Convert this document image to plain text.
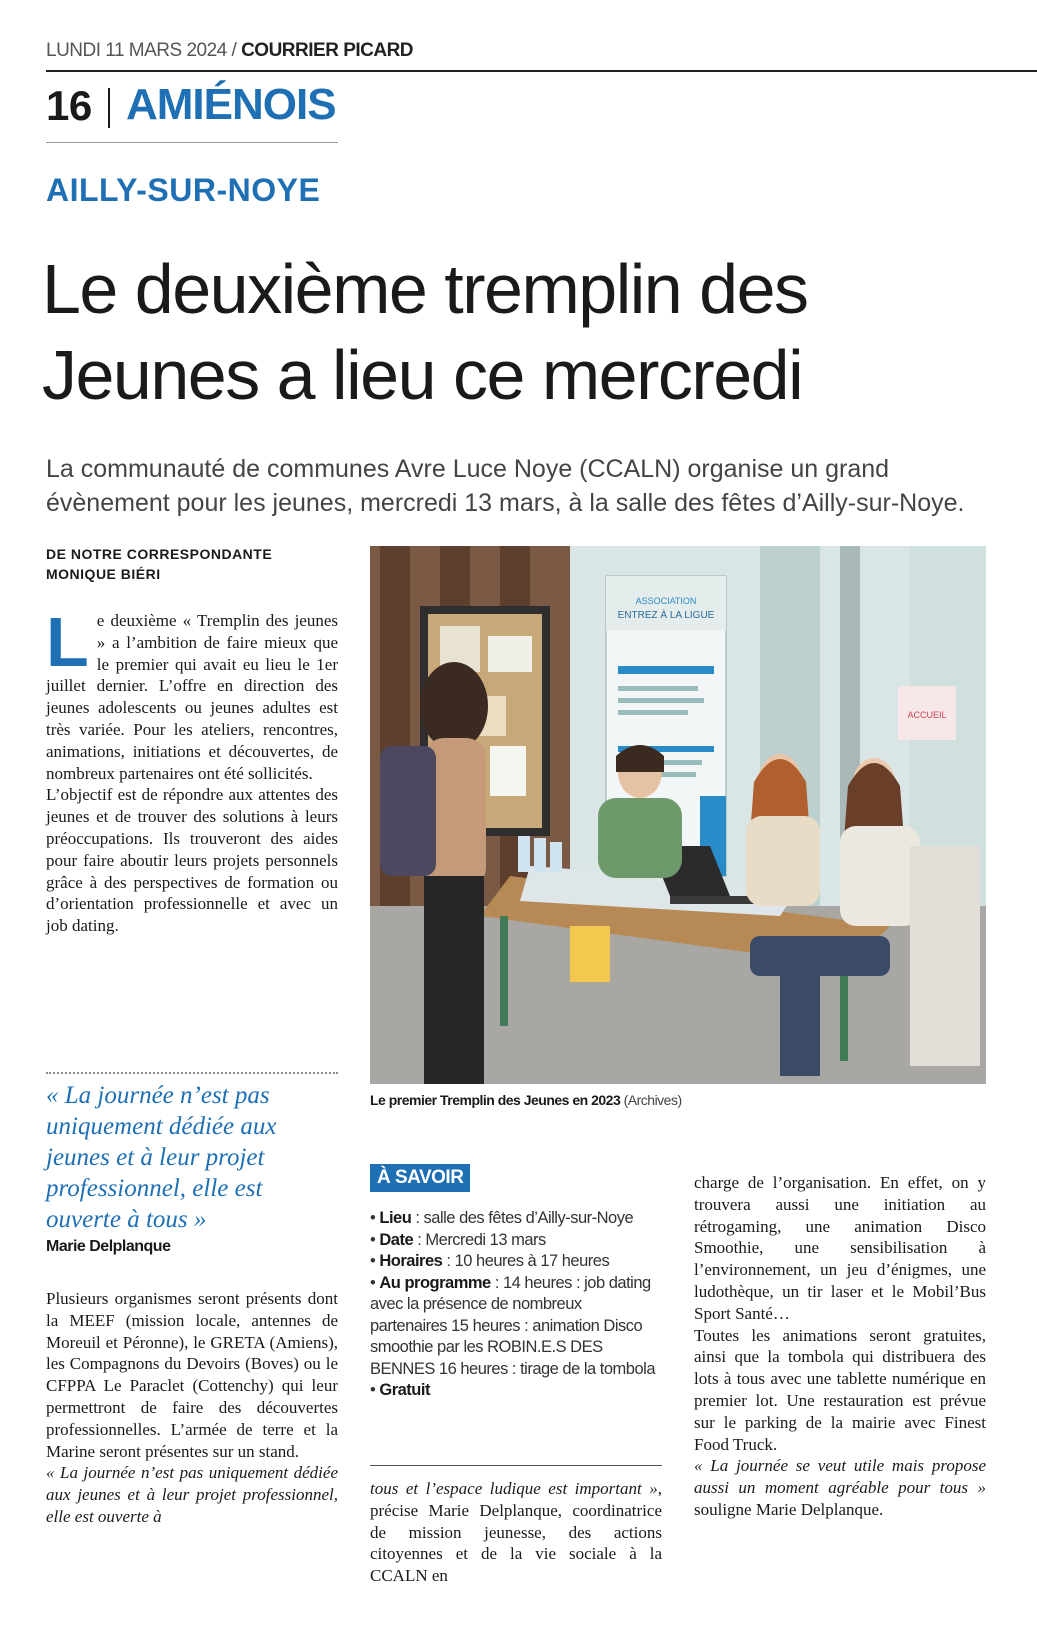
LUNDI 11 MARS 2024 / COURRIER PICARD
16 AMIÉNOIS
AILLY-SUR-NOYE
Le deuxième tremplin des
Jeunes a lieu ce mercredi
La communauté de communes Avre Luce Noye (CCALN) organise un grand évènement pour les jeunes, mercredi 13 mars, à la salle des fêtes d’Ailly-sur-Noye.
DE NOTRE CORRESPONDANTE
MONIQUE BIÉRI
L e deuxième « Tremplin des jeunes » a l’ambition de faire mieux que le premier qui avait eu lieu le 1er juillet dernier. L’offre en direction des jeunes adolescents ou jeunes adultes est très variée. Pour les ateliers, rencontres, animations, initiations et découvertes, de nombreux partenaires ont été sollicités.
L’objectif est de répondre aux attentes des jeunes et de trouver des solutions à leurs préoccupations. Ils trouveront des aides pour faire aboutir leurs projets personnels grâce à des perspectives de formation ou d’orientation professionnelle et avec un job dating.
« La journée n’est pas uniquement dédiée aux jeunes et à leur projet professionnel, elle est ouverte à tous »
Marie Delplanque
Plusieurs organismes seront présents dont la MEEF (mission locale, antennes de Moreuil et Péronne), le GRETA (Amiens), les Compagnons du Devoirs (Boves) ou le CFPPA Le Paraclet (Cottenchy) qui leur permettront de faire des découvertes professionnelles. L’armée de terre et la Marine seront présentes sur un stand.
« La journée n’est pas uniquement dédiée aux jeunes et à leur projet professionnel, elle est ouverte à
ASSOCIATION
ENTREZ À LA LIGUE
ACCUEIL
Le premier Tremplin des Jeunes en 2023 (Archives)
À SAVOIR
• Lieu : salle des fêtes d’Ailly-sur-Noye
• Date : Mercredi 13 mars
• Horaires : 10 heures à 17 heures
• Au programme : 14 heures : job dating avec la présence de nombreux partenaires 15 heures : animation Disco smoothie par les ROBIN.E.S DES BENNES 16 heures : tirage de la tombola
• Gratuit
tous et l’espace ludique est important », précise Marie Delplanque, coordinatrice de mission jeunesse, des actions citoyennes et de la vie sociale à la CCALN en
charge de l’organisation. En effet, on y trouvera aussi une initiation au rétrogaming, une animation Disco Smoothie, une sensibilisation à l’environnement, un jeu d’énigmes, une ludothèque, un tir laser et le Mobil’Bus Sport Santé…
Toutes les animations seront gratuites, ainsi que la tombola qui distribuera des lots à tous avec une tablette numérique en premier lot. Une restauration est prévue sur le parking de la mairie avec Finest Food Truck.
« La journée se veut utile mais propose aussi un moment agréable pour tous » souligne Marie Delplanque.
